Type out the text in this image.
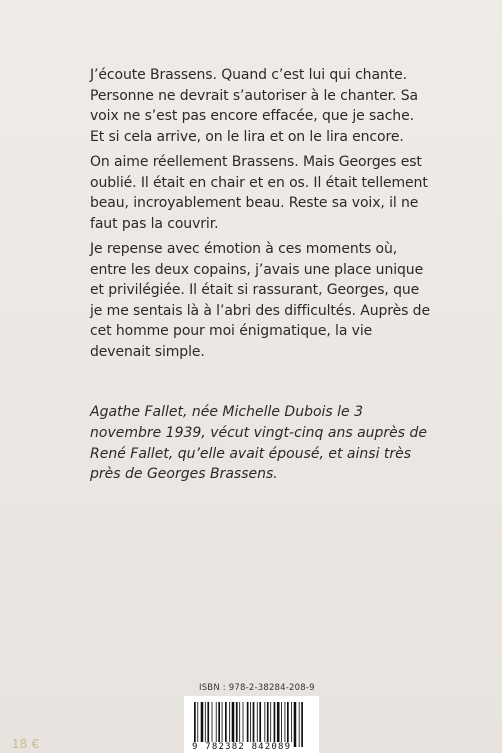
J’écoute Brassens. Quand c’est lui qui chante. Personne ne devrait s’autoriser à le chanter. Sa voix ne s’est pas encore effacée, que je sache. Et si cela arrive, on le lira et on le lira encore.

On aime réellement Brassens. Mais Georges est oublié. Il était en chair et en os. Il était tellement beau, incroyablement beau. Reste sa voix, il ne faut pas la couvrir.

Je repense avec émotion à ces moments où, entre les deux copains, j’avais une place unique et privilégiée. Il était si rassurant, Georges, que je me sentais là à l’abri des difficultés. Auprès de cet homme pour moi énigmatique, la vie devenait simple.

Agathe Fallet, née Michelle Dubois le 3 novembre 1939, vécut vingt-cinq ans auprès de René Fallet, qu’elle avait épousé, et ainsi très près de Georges Brassens.

ISBN : 978-2-38284-208-9
9 782382 842089
18 €
